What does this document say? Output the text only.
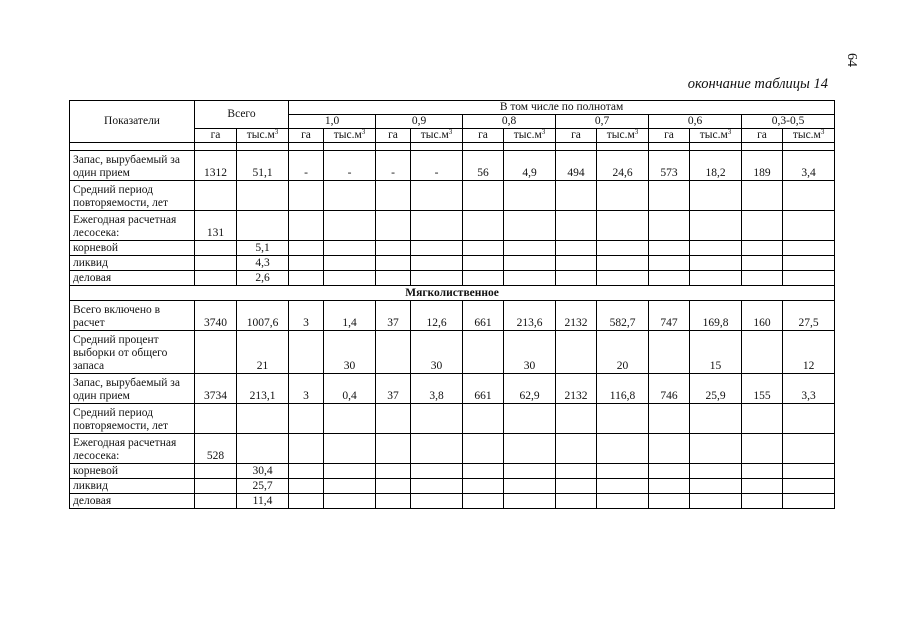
64
окончание таблицы 14
Показатели	Всего		В том числе по полнотам											
			1,0		0,9		0,8		0,7		0,6		0,3-0,5	
	га	$тыс.м^3$	га	$тыс.м^3$	га	$тыс.м^3$	га	$тыс.м^3$	га	$тыс.м^3$	га	$тыс.м^3$	га	$тыс.м^3$

Запас, вырубаемый за один прием	1312	51,1	-	-	-	-	56	4,9	494	24,6	573	18,2	189	3,4
Средний период повторяемости, лет														
Ежегодная расчетная лесосека:	131													
корневой		5,1												
ликвид		4,3												
деловая		2,6												
Мягколиственное														
Всего включено в расчет	3740	1007,6	3	1,4	37	12,6	661	213,6	2132	582,7	747	169,8	160	27,5
Средний процент выборки от общего запаса		21		30		30		30		20		15		12
Запас, вырубаемый за один прием	3734	213,1	3	0,4	37	3,8	661	62,9	2132	116,8	746	25,9	155	3,3
Средний период повторяемости, лет														
Ежегодная расчетная лесосека:	528													
корневой		30,4												
ликвид		25,7												
деловая		11,4												
